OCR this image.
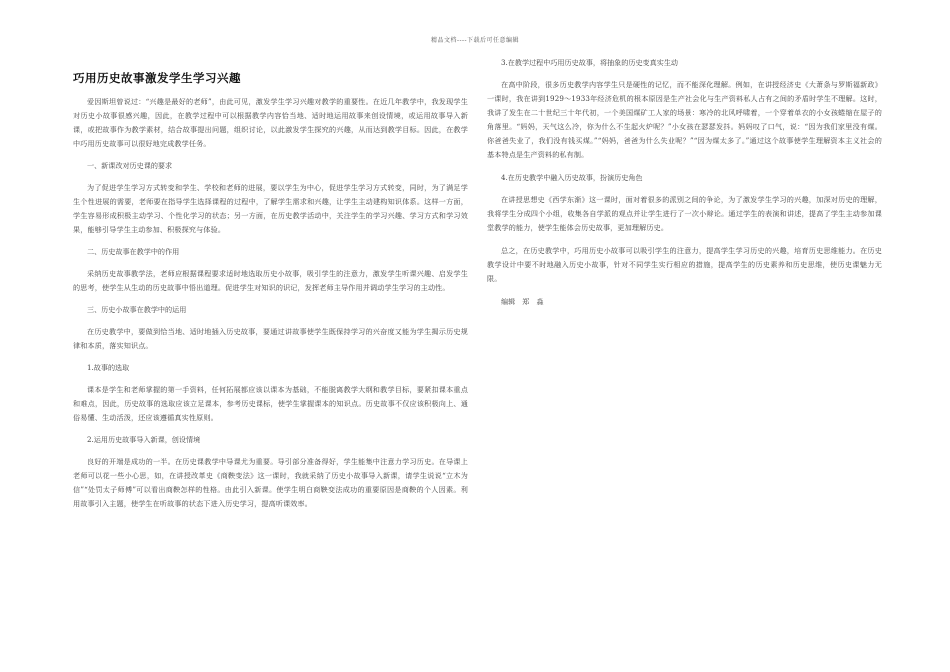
精品文档----下载后可任意编辑
巧用历史故事激发学生学习兴趣
爱因斯坦曾说过：“兴趣是最好的老师”，由此可见，激发学生学习兴趣对教学的重要性。在近几年教学中，我发现学生对历史小故事很感兴趣，因此，在教学过程中可以根据教学内容恰当地、适时地运用故事来创设情境，或运用故事导入新课，或把故事作为教学素材，结合故事提出问题，组织讨论，以此激发学生探究的兴趣，从而达到教学目标。因此，在教学中巧用历史故事可以很好地完成教学任务。
一、新课改对历史课的要求
为了促进学生学习方式转变和学生、学校和老师的进展，要以学生为中心，促进学生学习方式转变，同时，为了满足学生个性进展的需要，老师要在指导学生选择课程的过程中，了解学生需求和兴趣，让学生主动建构知识体系。这样一方面，学生容易形成积极主动学习、个性化学习的状态；另一方面，在历史教学活动中，关注学生的学习兴趣、学习方式和学习效果，能够引导学生主动参加、积极探究与体验。
二、历史故事在教学中的作用
采纳历史故事教学法，老师应根据课程要求适时地选取历史小故事，吸引学生的注意力，激发学生听课兴趣、启发学生的思考，使学生从生动的历史故事中悟出道理。促进学生对知识的识记，发挥老师主导作用并调动学生学习的主动性。
三、历史小故事在教学中的运用
在历史教学中，要做到恰当地、适时地插入历史故事，要通过讲故事使学生既保持学习的兴奋度又能为学生揭示历史规律和本质，落实知识点。
1.故事的选取
课本是学生和老师掌握的第一手资料，任何拓展都应该以课本为基础，不能脱离教学大纲和教学目标，要紧扣课本重点和难点，因此，历史故事的选取应该立足课本，参考历史课标，使学生掌握课本的知识点。历史故事不仅应该积极向上、通俗易懂、生动活泼，还应该遵循真实性原则。
2.运用历史故事导入新课，创设情境
良好的开端是成功的一半。在历史课教学中导课尤为重要。导引部分准备得好，学生能集中注意力学习历史。在导课上老师可以花一些小心思，如，在讲授改革史《商鞅变法》这一课时，我就采纳了历史小故事导入新课，请学生说说“立木为信”“处罚太子师傅”可以看出商鞅怎样的性格。由此引入新课。使学生明白商鞅变法成功的重要原因是商鞅的个人因素。利用故事引入主题，使学生在听故事的状态下进入历史学习，提高听课效率。
3.在教学过程中巧用历史故事，将抽象的历史变真实生动
在高中阶段，很多历史教学内容学生只是硬性的记忆，而不能深化理解。例如，在讲授经济史《大萧条与罗斯福新政》一课时，我在讲到1929～1933年经济危机的根本原因是生产社会化与生产资料私人占有之间的矛盾时学生不理解。这时，我讲了发生在二十世纪三十年代初，一个美国煤矿工人家的场景：寒冷的北风呼啸着，一个穿着单衣的小女孩蜷缩在屋子的角落里。“妈妈，天气这么冷，你为什么不生起火炉呢？”小女孩在瑟瑟发抖。妈妈叹了口气，说：“因为我们家里没有煤。你爸爸失业了，我们没有钱买煤。”“妈妈，爸爸为什么失业呢？”“因为煤太多了。”通过这个故事使学生理解资本主义社会的基本特点是生产资料的私有制。
4.在历史教学中融入历史故事，扮演历史角色
在讲授思想史《西学东渐》这一课时，面对着很多的派别之间的争论，为了激发学生学习的兴趣，加深对历史的理解，我将学生分成四个小组，收集各自学派的观点并让学生进行了一次小辩论。通过学生的表演和讲述，提高了学生主动参加课堂教学的能力，使学生能体会历史故事，更加理解历史。
总之，在历史教学中，巧用历史小故事可以吸引学生的注意力，提高学生学习历史的兴趣，培育历史思维能力。在历史教学设计中要不时地融入历史小故事，针对不同学生实行相应的措施，提高学生的历史素养和历史思维，使历史课魅力无限。
编辑　郑　淼
